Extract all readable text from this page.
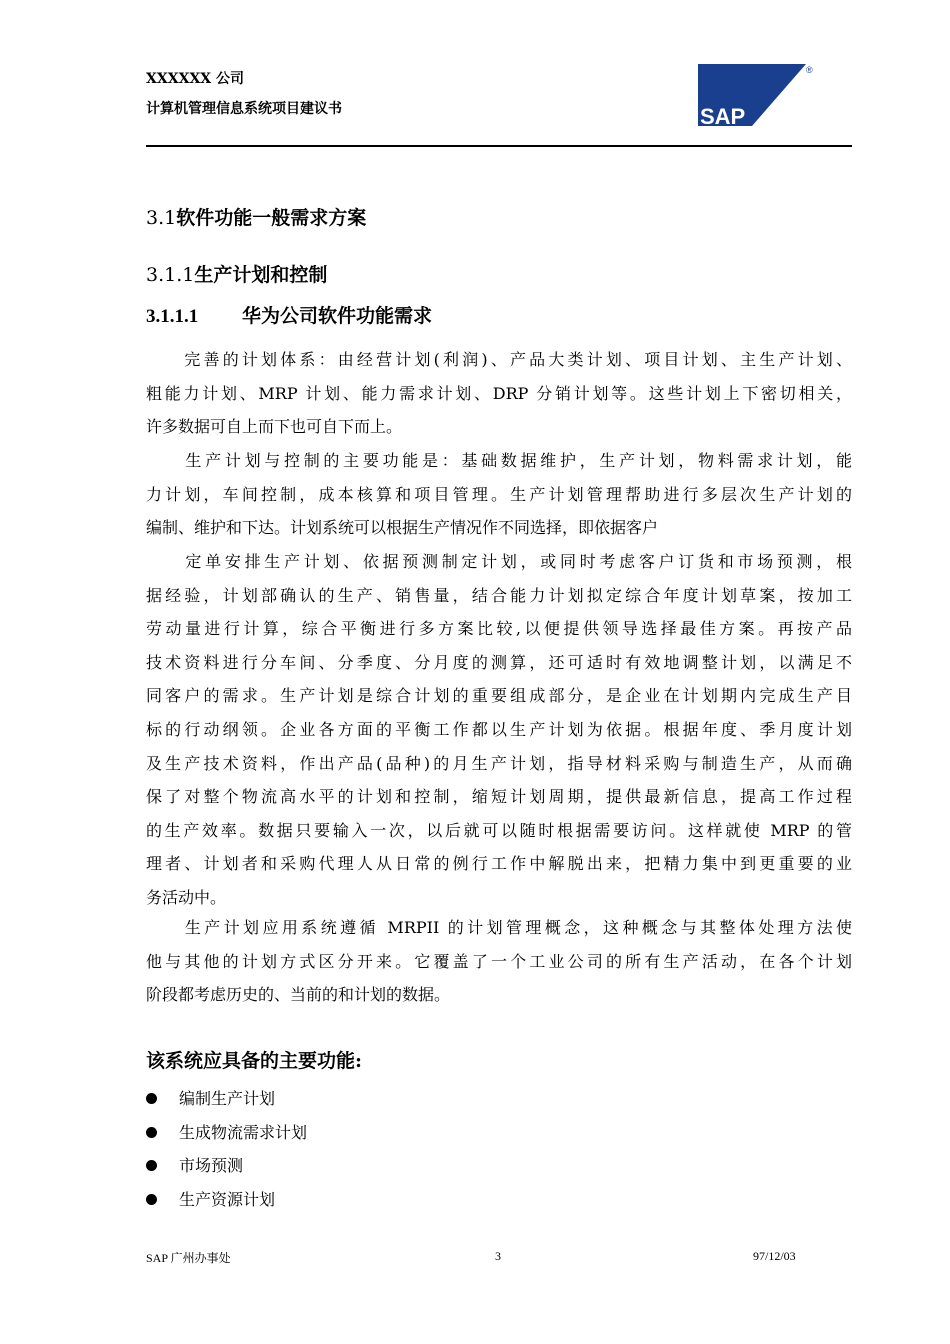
XXXXXX 公司
计算机管理信息系统项目建议书	SAP
®
3.1软件功能一般需求方案
3.1.1生产计划和控制
3.1.1.1 华为公司软件功能需求
　　完善的计划体系：由经营计划(利润)、产品大类计划、项目计划、主生产计划、
粗能力计划、MRP 计划、能力需求计划、DRP 分销计划等。这些计划上下密切相关，
许多数据可自上而下也可自下而上。
　　生产计划与控制的主要功能是：基础数据维护，生产计划，物料需求计划，能
力计划，车间控制，成本核算和项目管理。生产计划管理帮助进行多层次生产计划的
编制、维护和下达。计划系统可以根据生产情况作不同选择，即依据客户
　　定单安排生产计划、依据预测制定计划，或同时考虑客户订货和市场预测，根
据经验，计划部确认的生产、销售量，结合能力计划拟定综合年度计划草案，按加工
劳动量进行计算，综合平衡进行多方案比较,以便提供领导选择最佳方案。再按产品
技术资料进行分车间、分季度、分月度的测算，还可适时有效地调整计划，以满足不
同客户的需求。生产计划是综合计划的重要组成部分，是企业在计划期内完成生产目
标的行动纲领。企业各方面的平衡工作都以生产计划为依据。根据年度、季月度计划
及生产技术资料，作出产品(品种)的月生产计划，指导材料采购与制造生产，从而确
保了对整个物流高水平的计划和控制，缩短计划周期，提供最新信息，提高工作过程
的生产效率。数据只要输入一次，以后就可以随时根据需要访问。这样就使 MRP 的管
理者、计划者和采购代理人从日常的例行工作中解脱出来，把精力集中到更重要的业
务活动中。
　　生产计划应用系统遵循 MRPII 的计划管理概念，这种概念与其整体处理方法使
他与其他的计划方式区分开来。它覆盖了一个工业公司的所有生产活动，在各个计划
阶段都考虑历史的、当前的和计划的数据。
该系统应具备的主要功能:
编制生产计划
生成物流需求计划
市场预测
生产资源计划
SAP 广州办事处	3	97/12/03
